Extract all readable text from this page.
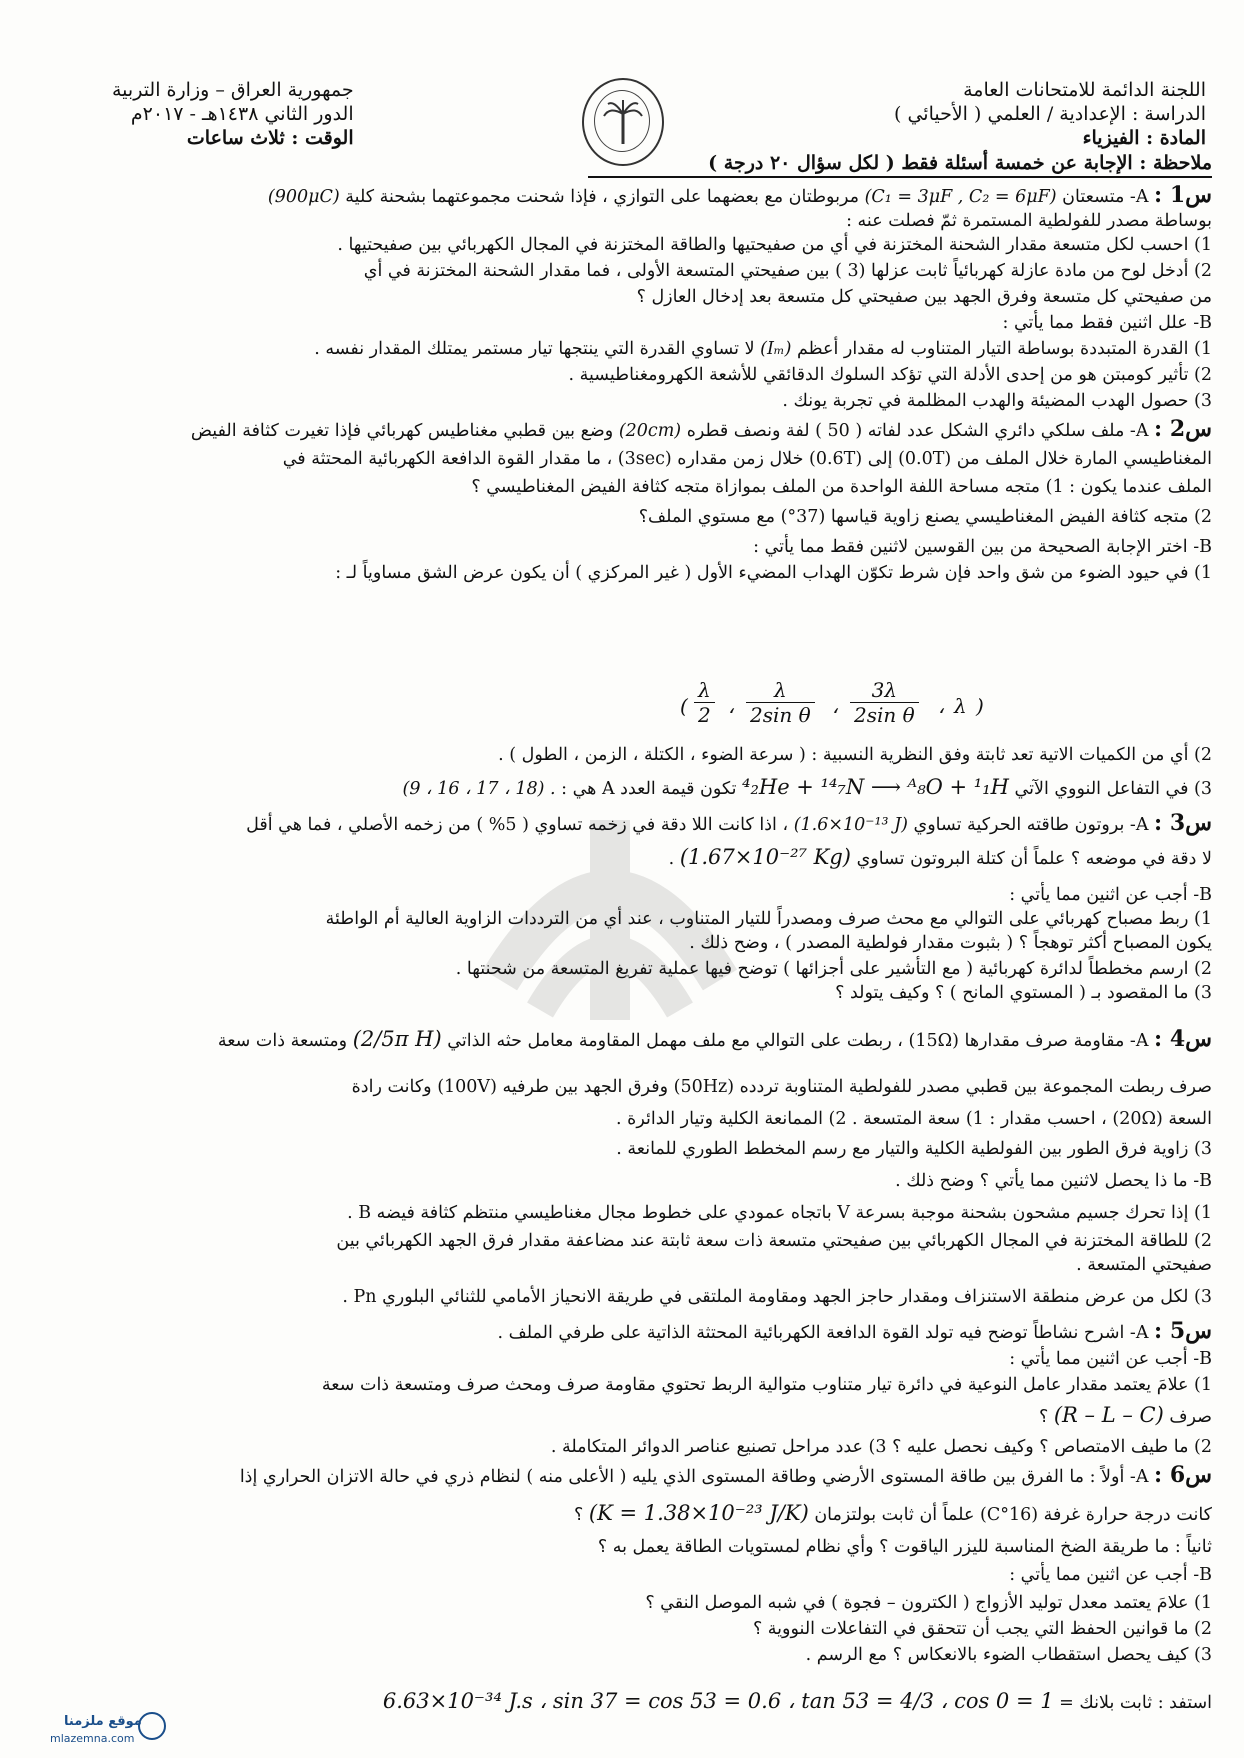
اللجنة الدائمة للامتحانات العامة
الدراسة : الإعدادية / العلمي ( الأحيائي )
المادة : الفيزياء
جمهورية العراق – وزارة التربية
الدور الثاني ١٤٣٨هـ - ٢٠١٧م
الوقت : ثلاث ساعات
ملاحظة : الإجابة عن خمسة أسئلة فقط ( لكل سؤال ٢٠ درجة )
س1 : A- متسعتان (C₁ = 3μF , C₂ = 6μF) مربوطتان مع بعضهما على التوازي ، فإذا شحنت مجموعتهما بشحنة كلية (900μC)
بوساطة مصدر للفولطية المستمرة ثمّ فصلت عنه :
1) احسب لكل متسعة مقدار الشحنة المختزنة في أي من صفيحتيها والطاقة المختزنة في المجال الكهربائي بين صفيحتيها .
2) أدخل لوح من مادة عازلة كهربائياً ثابت عزلها (3 ) بين صفيحتي المتسعة الأولى ، فما مقدار الشحنة المختزنة في أي
من صفيحتي كل متسعة وفرق الجهد بين صفيحتي كل متسعة بعد إدخال العازل ؟
B- علل اثنين فقط مما يأتي :
1) القدرة المتبددة بوساطة التيار المتناوب له مقدار أعظم (Iₘ) لا تساوي القدرة التي ينتجها تيار مستمر يمتلك المقدار نفسه .
2) تأثير كومبتن هو من إحدى الأدلة التي تؤكد السلوك الدقائقي للأشعة الكهرومغناطيسية .
3) حصول الهدب المضيئة والهدب المظلمة في تجربة يونك .
س2 : A- ملف سلكي دائري الشكل عدد لفاته ( 50 ) لفة ونصف قطره (20cm) وضع بين قطبي مغناطيس كهربائي فإذا تغيرت كثافة الفيض
المغناطيسي المارة خلال الملف من (0.0T) إلى (0.6T) خلال زمن مقداره (3sec) ، ما مقدار القوة الدافعة الكهربائية المحتثة في
الملف عندما يكون : 1) متجه مساحة اللفة الواحدة من الملف بموازاة متجه كثافة الفيض المغناطيسي ؟
2) متجه كثافة الفيض المغناطيسي يصنع زاوية قياسها (37°) مع مستوي الملف؟
B- اختر الإجابة الصحيحة من بين القوسين لاثنين فقط مما يأتي :
1) في حيود الضوء من شق واحد فإن شرط تكوّن الهداب المضيء الأول ( غير المركزي ) أن يكون عرض الشق مساوياً لـ :
( $\frac{\lambda}{2}$ ، $\frac{\lambda}{\text{2sin θ}}$ ، $\frac{3\lambda}{\text{2sin θ}}$ ، λ )
2) أي من الكميات الاتية تعد ثابتة وفق النظرية النسبية : ( سرعة الضوء ، الكتلة ، الزمن ، الطول ) .
3) في التفاعل النووي الآتي ⁴₂He + ¹⁴₇N ⟶ ᴬ₈O + ¹₁H تكون قيمة العدد A هي : (9 ، 16 ، 17 ، 18) .
س3 : A- بروتون طاقته الحركية تساوي (1.6×10⁻¹³ J) ، اذا كانت اللا دقة في زخمه تساوي ( 5% ) من زخمه الأصلي ، فما هي أقل
لا دقة في موضعه ؟ علماً أن كتلة البروتون تساوي (1.67×10⁻²⁷ Kg) .
B- أجب عن اثنين مما يأتي :
1) ربط مصباح كهربائي على التوالي مع محث صرف ومصدراً للتيار المتناوب ، عند أي من الترددات الزاوية العالية أم الواطئة
يكون المصباح أكثر توهجاً ؟ ( بثبوت مقدار فولطية المصدر ) ، وضح ذلك .
2) ارسم مخططاً لدائرة كهربائية ( مع التأشير على أجزائها ) توضح فيها عملية تفريغ المتسعة من شحنتها .
3) ما المقصود بـ ( المستوي المانح ) ؟ وكيف يتولد ؟
س4 : A- مقاومة صرف مقدارها (15Ω) ، ربطت على التوالي مع ملف مهمل المقاومة معامل حثه الذاتي (2/5π H) ومتسعة ذات سعة
صرف ربطت المجموعة بين قطبي مصدر للفولطية المتناوبة تردده (50Hz) وفرق الجهد بين طرفيه (100V) وكانت رادة
السعة (20Ω) ، احسب مقدار : 1) سعة المتسعة . 2) الممانعة الكلية وتيار الدائرة .
3) زاوية فرق الطور بين الفولطية الكلية والتيار مع رسم المخطط الطوري للمانعة .
B- ما ذا يحصل لاثنين مما يأتي ؟ وضح ذلك .
1) إذا تحرك جسيم مشحون بشحنة موجبة بسرعة V باتجاه عمودي على خطوط مجال مغناطيسي منتظم كثافة فيضه B .
2) للطاقة المختزنة في المجال الكهربائي بين صفيحتي متسعة ذات سعة ثابتة عند مضاعفة مقدار فرق الجهد الكهربائي بين
صفيحتي المتسعة .
3) لكل من عرض منطقة الاستنزاف ومقدار حاجز الجهد ومقاومة الملتقى في طريقة الانحياز الأمامي للثنائي البلوري Pn .
س5 : A- اشرح نشاطاً توضح فيه تولد القوة الدافعة الكهربائية المحتثة الذاتية على طرفي الملف .
B- أجب عن اثنين مما يأتي :
1) علامَ يعتمد مقدار عامل النوعية في دائرة تيار متناوب متوالية الربط تحتوي مقاومة صرف ومحث صرف ومتسعة ذات سعة
صرف (R – L – C) ؟
2) ما طيف الامتصاص ؟ وكيف نحصل عليه ؟ 3) عدد مراحل تصنيع عناصر الدوائر المتكاملة .
س6 : A- أولاً : ما الفرق بين طاقة المستوى الأرضي وطاقة المستوى الذي يليه ( الأعلى منه ) لنظام ذري في حالة الاتزان الحراري إذا
كانت درجة حرارة غرفة (16°C) علماً أن ثابت بولتزمان (K = 1.38×10⁻²³ J/K) ؟
ثانياً : ما طريقة الضخ المناسبة لليزر الياقوت ؟ وأي نظام لمستويات الطاقة يعمل به ؟
B- أجب عن اثنين مما يأتي :
1) علامَ يعتمد معدل توليد الأزواج ( الكترون – فجوة ) في شبه الموصل النقي ؟
2) ما قوانين الحفظ التي يجب أن تتحقق في التفاعلات النووية ؟
3) كيف يحصل استقطاب الضوء بالانعكاس ؟ مع الرسم .
استفد : ثابت بلانك = 6.63×10⁻³⁴ J.s ، sin 37 = cos 53 = 0.6 ، tan 53 = 4/3 ، cos 0 = 1
موقع ملزمنا
mlazemna.com
